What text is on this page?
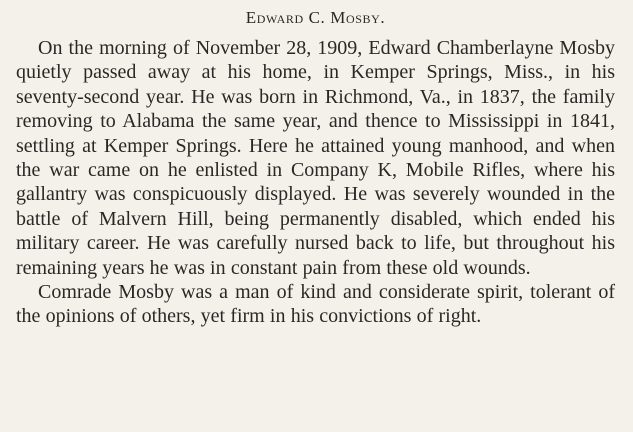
Edward C. Mosby.

On the morning of November 28, 1909, Edward Chamberlayne Mosby quietly passed away at his home, in Kemper Springs, Miss., in his seventy-second year. He was born in Richmond, Va., in 1837, the family removing to Alabama the same year, and thence to Mississippi in 1841, settling at Kemper Springs. Here he attained young manhood, and when the war came on he enlisted in Company K, Mobile Rifles, where his gallantry was conspicuously displayed. He was severely wounded in the battle of Malvern Hill, being permanently disabled, which ended his military career. He was carefully nursed back to life, but throughout his remaining years he was in constant pain from these old wounds.

Comrade Mosby was a man of kind and considerate spirit, tolerant of the opinions of others, yet firm in his convictions of right.
